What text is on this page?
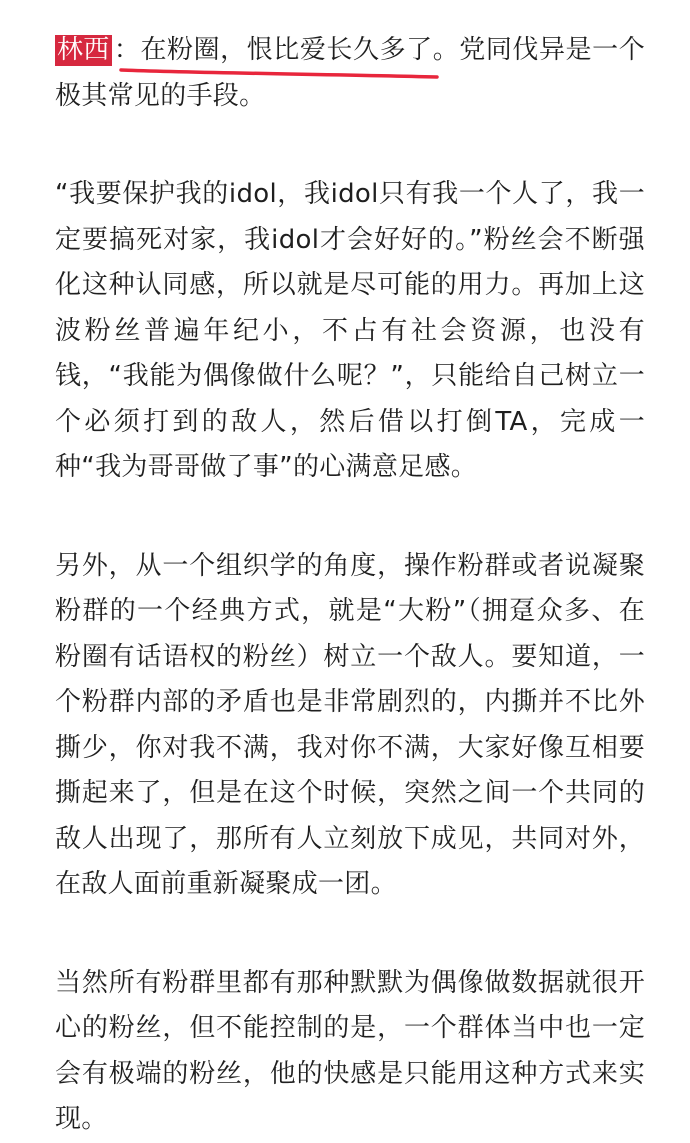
林西 ：在粉圈，恨比爱长久多了。党同伐异是一个极其常见的手段。

“我要保护我的idol，我idol只有我一个人了，我一定要搞死对家，我idol才会好好的。”粉丝会不断强化这种认同感，所以就是尽可能的用力。再加上这波粉丝普遍年纪小，不占有社会资源，也没有钱，“我能为偶像做什么呢？”，只能给自己树立一个必须打到的敌人，然后借以打倒TA，完成一种“我为哥哥做了事”的心满意足感。

另外，从一个组织学的角度，操作粉群或者说凝聚粉群的一个经典方式，就是“大粉”（拥趸众多、在粉圈有话语权的粉丝）树立一个敌人。要知道，一个粉群内部的矛盾也是非常剧烈的，内撕并不比外撕少，你对我不满，我对你不满，大家好像互相要撕起来了，但是在这个时候，突然之间一个共同的敌人出现了，那所有人立刻放下成见，共同对外，在敌人面前重新凝聚成一团。

当然所有粉群里都有那种默默为偶像做数据就很开心的粉丝，但不能控制的是，一个群体当中也一定会有极端的粉丝，他的快感是只能用这种方式来实现。
